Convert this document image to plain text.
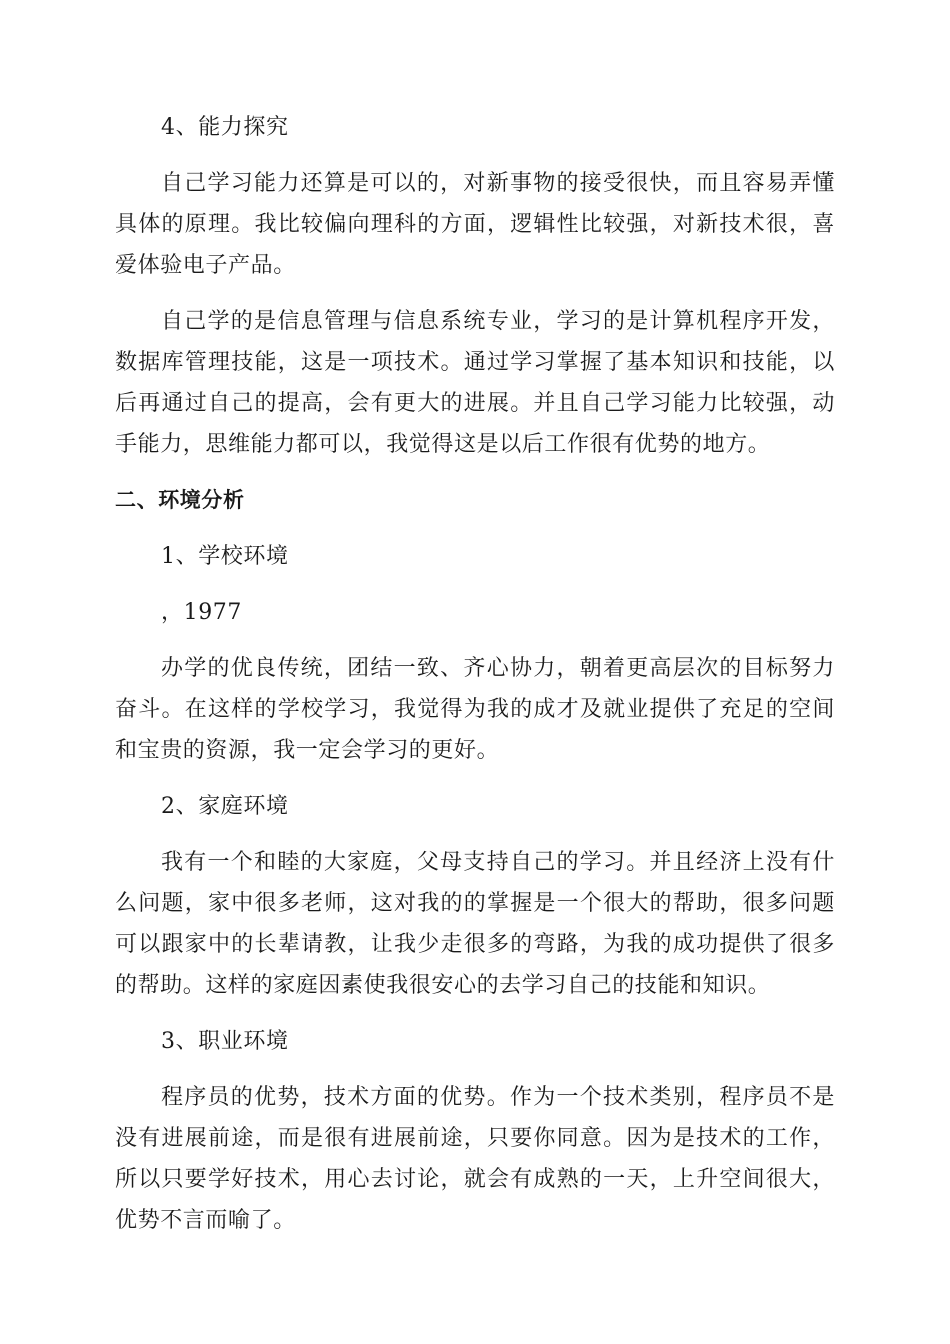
4、能力探究

自己学习能力还算是可以的，对新事物的接受很快，而且容易弄懂具体的原理。我比较偏向理科的方面，逻辑性比较强，对新技术很，喜爱体验电子产品。

自己学的是信息管理与信息系统专业，学习的是计算机程序开发，数据库管理技能，这是一项技术。通过学习掌握了基本知识和技能，以后再通过自己的提高，会有更大的进展。并且自己学习能力比较强，动手能力，思维能力都可以，我觉得这是以后工作很有优势的地方。

二、环境分析

1、学校环境

，1977

办学的优良传统，团结一致、齐心协力，朝着更高层次的目标努力奋斗。在这样的学校学习，我觉得为我的成才及就业提供了充足的空间和宝贵的资源，我一定会学习的更好。

2、家庭环境

我有一个和睦的大家庭，父母支持自己的学习。并且经济上没有什么问题，家中很多老师，这对我的的掌握是一个很大的帮助，很多问题可以跟家中的长辈请教，让我少走很多的弯路，为我的成功提供了很多的帮助。这样的家庭因素使我很安心的去学习自己的技能和知识。

3、职业环境

程序员的优势，技术方面的优势。作为一个技术类别，程序员不是没有进展前途，而是很有进展前途，只要你同意。因为是技术的工作，所以只要学好技术，用心去讨论，就会有成熟的一天，上升空间很大，优势不言而喻了。
